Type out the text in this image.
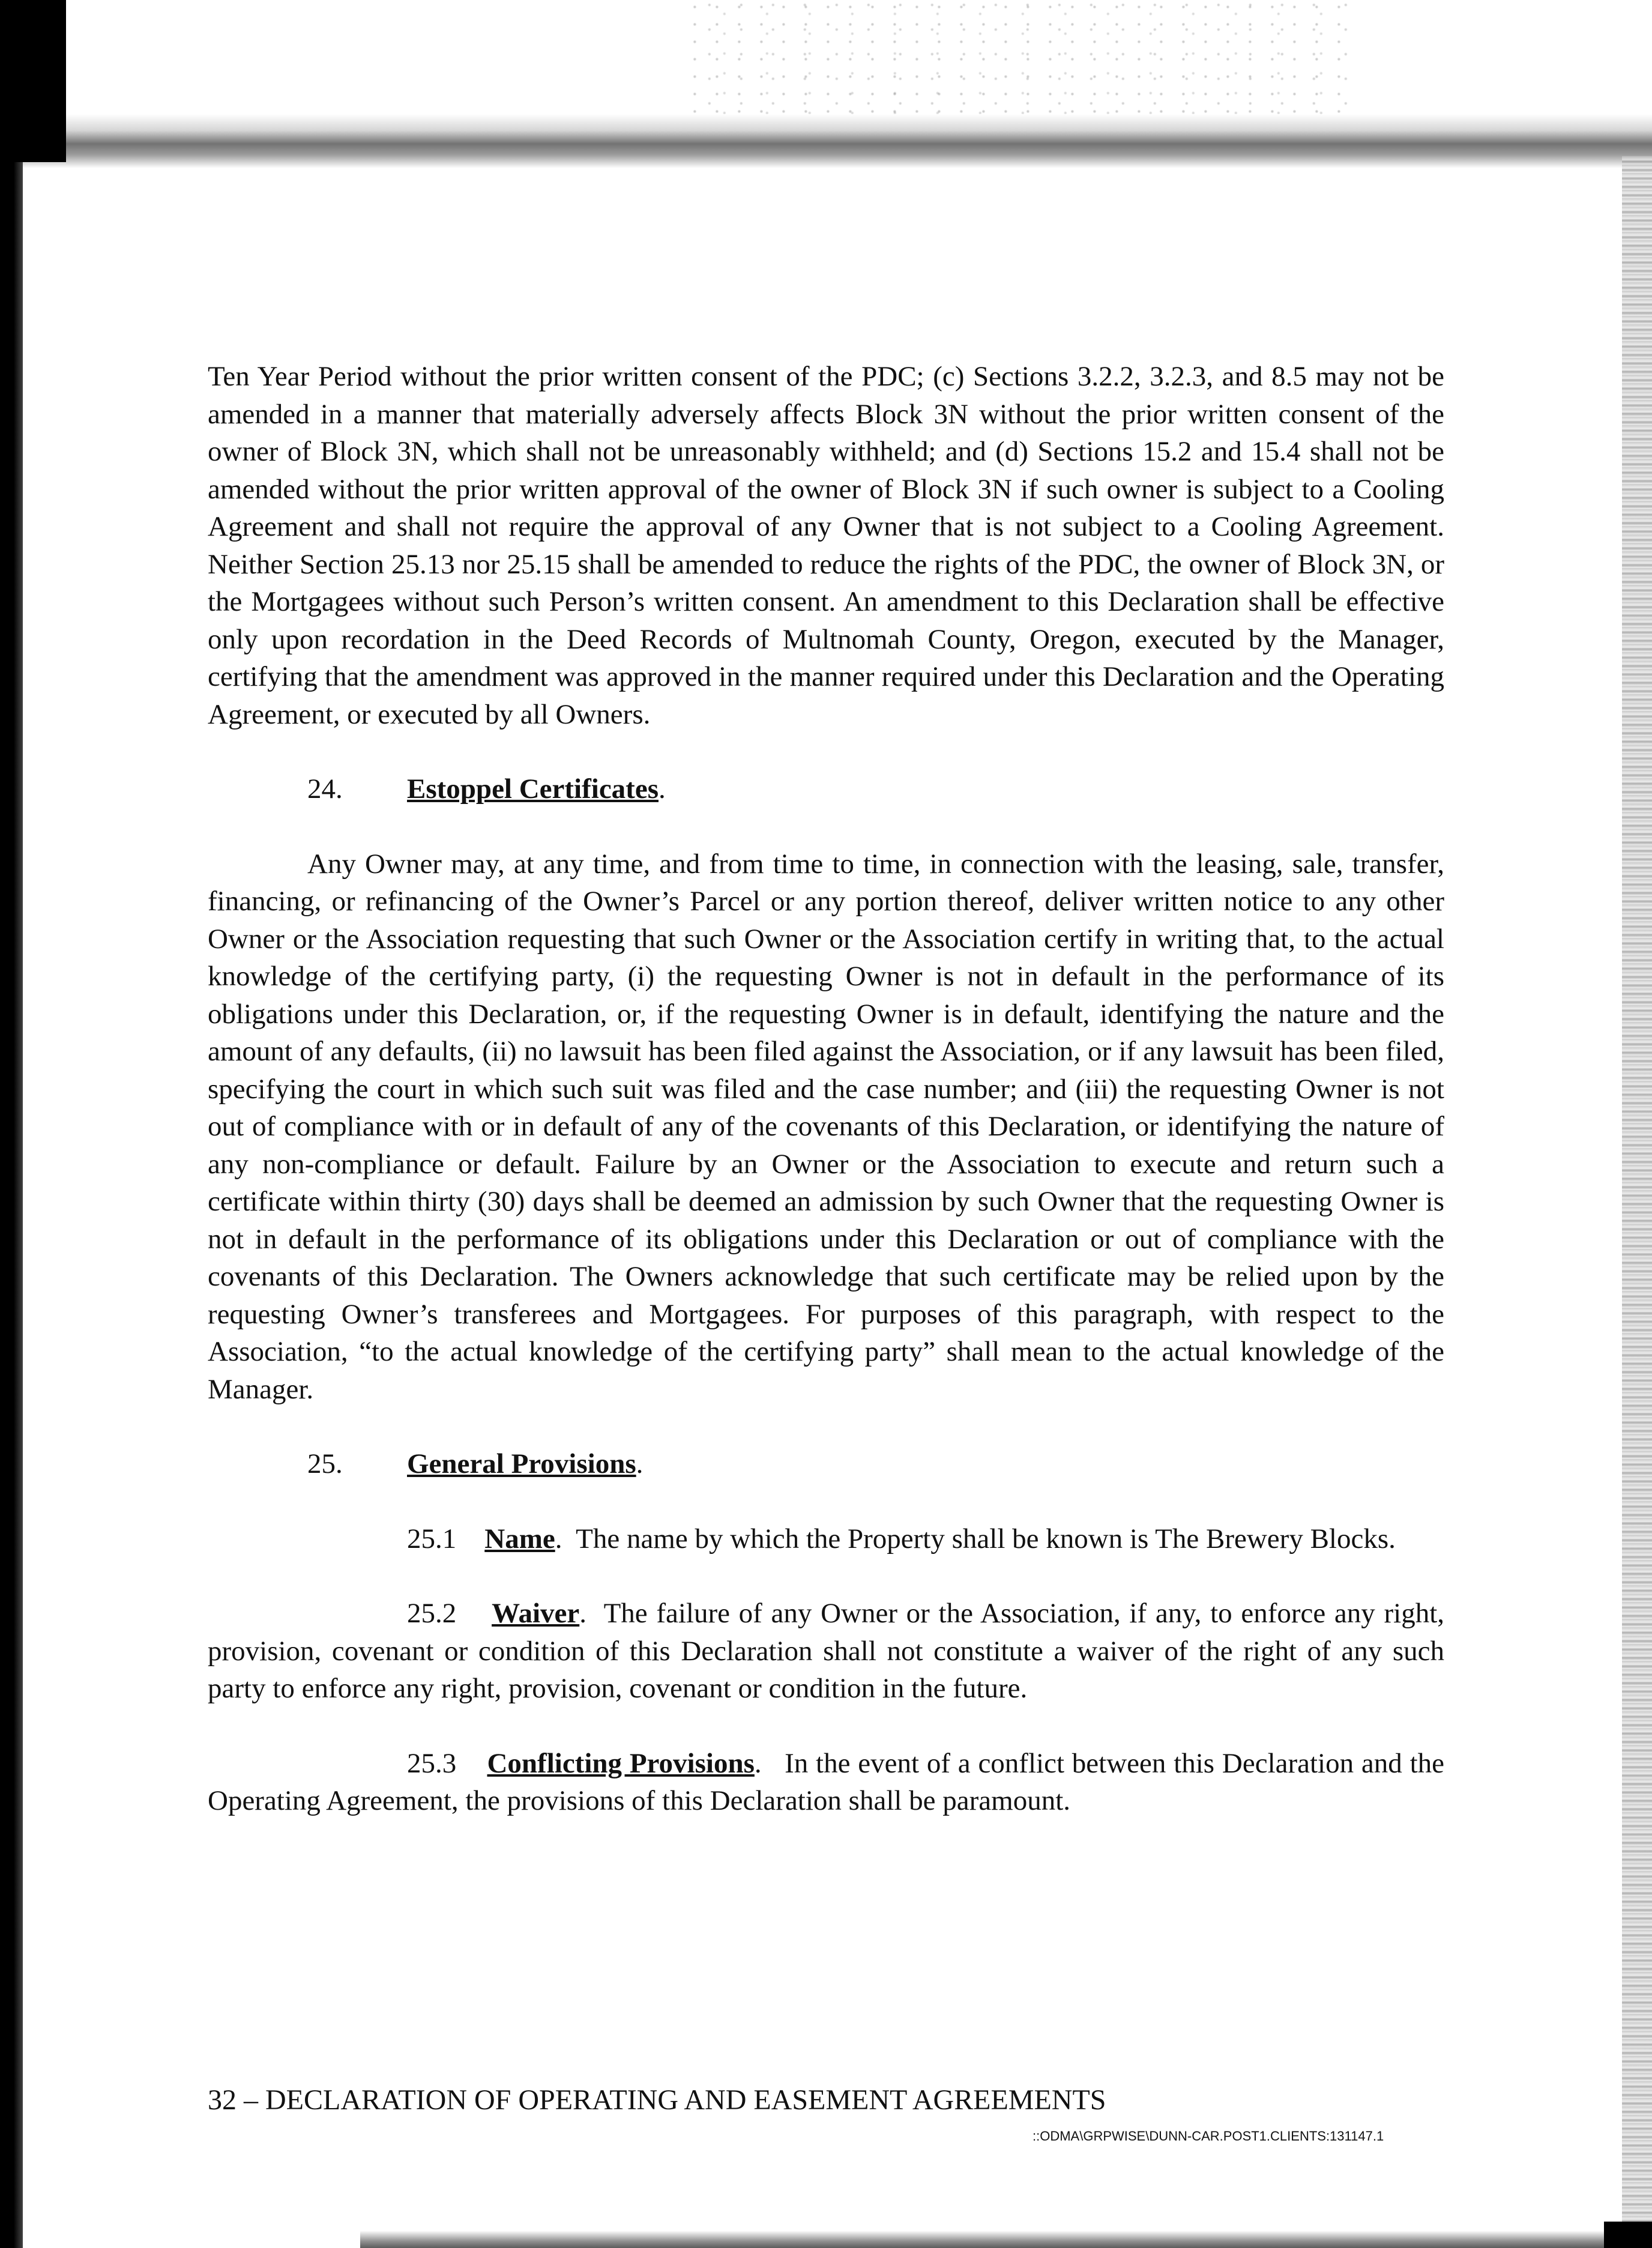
Ten Year Period without the prior written consent of the PDC; (c) Sections 3.2.2, 3.2.3, and 8.5 may not be amended in a manner that materially adversely affects Block 3N without the prior written consent of the owner of Block 3N, which shall not be unreasonably withheld; and (d) Sections 15.2 and 15.4 shall not be amended without the prior written approval of the owner of Block 3N if such owner is subject to a Cooling Agreement and shall not require the approval of any Owner that is not subject to a Cooling Agreement. Neither Section 25.13 nor 25.15 shall be amended to reduce the rights of the PDC, the owner of Block 3N, or the Mortgagees without such Person’s written consent. An amendment to this Declaration shall be effective only upon recordation in the Deed Records of Multnomah County, Oregon, executed by the Manager, certifying that the amendment was approved in the manner required under this Declaration and the Operating Agreement, or executed by all Owners.

24. Estoppel Certificates.

Any Owner may, at any time, and from time to time, in connection with the leasing, sale, transfer, financing, or refinancing of the Owner’s Parcel or any portion thereof, deliver written notice to any other Owner or the Association requesting that such Owner or the Association certify in writing that, to the actual knowledge of the certifying party, (i) the requesting Owner is not in default in the performance of its obligations under this Declaration, or, if the requesting Owner is in default, identifying the nature and the amount of any defaults, (ii) no lawsuit has been filed against the Association, or if any lawsuit has been filed, specifying the court in which such suit was filed and the case number; and (iii) the requesting Owner is not out of compliance with or in default of any of the covenants of this Declaration, or identifying the nature of any non-compliance or default. Failure by an Owner or the Association to execute and return such a certificate within thirty (30) days shall be deemed an admission by such Owner that the requesting Owner is not in default in the performance of its obligations under this Declaration or out of compliance with the covenants of this Declaration. The Owners acknowledge that such certificate may be relied upon by the requesting Owner’s transferees and Mortgagees. For purposes of this paragraph, with respect to the Association, “to the actual knowledge of the certifying party” shall mean to the actual knowledge of the Manager.

25. General Provisions.

25.1 Name.  The name by which the Property shall be known is The Brewery Blocks.

25.2 Waiver.  The failure of any Owner or the Association, if any, to enforce any right, provision, covenant or condition of this Declaration shall not constitute a waiver of the right of any such party to enforce any right, provision, covenant or condition in the future.

25.3 Conflicting Provisions.   In the event of a conflict between this Declaration and the Operating Agreement, the provisions of this Declaration shall be paramount.

32 – DECLARATION OF OPERATING AND EASEMENT AGREEMENTS
::ODMA\GRPWISE\DUNN-CAR.POST1.CLIENTS:131147.1
